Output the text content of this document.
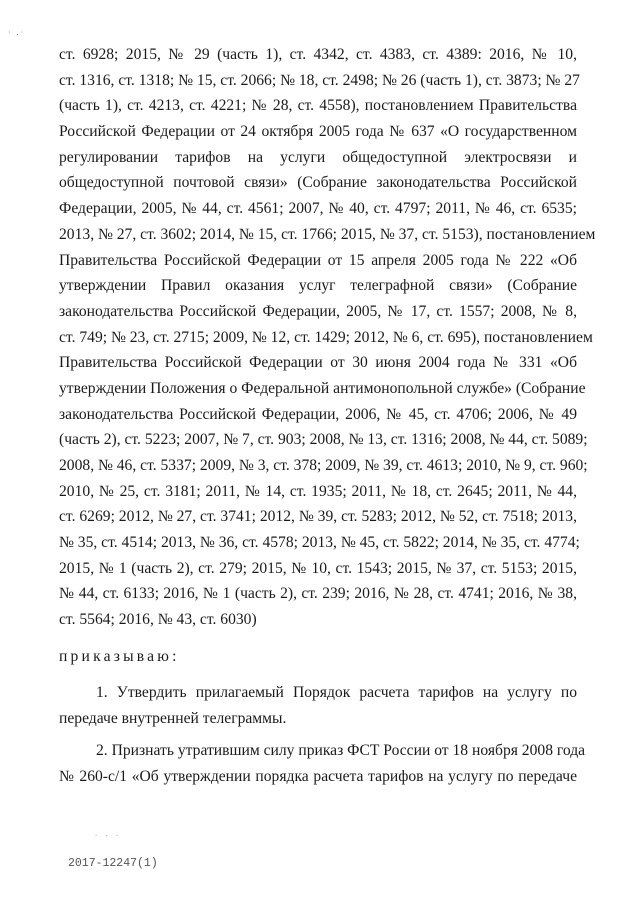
· .·
ст. 6928; 2015, № 29 (часть 1), ст. 4342, ст. 4383, ст. 4389: 2016, № 10,
ст. 1316, ст. 1318; № 15, ст. 2066; № 18, ст. 2498; № 26 (часть 1), ст. 3873; № 27
(часть 1), ст. 4213, ст. 4221; № 28, ст. 4558), постановлением Правительства
Российской Федерации от 24 октября 2005 года № 637 «О государственном
регулировании тарифов на услуги общедоступной электросвязи и
общедоступной почтовой связи» (Собрание законодательства Российской
Федерации, 2005, № 44, ст. 4561; 2007, № 40, ст. 4797; 2011, № 46, ст. 6535;
2013, № 27, ст. 3602; 2014, № 15, ст. 1766; 2015, № 37, ст. 5153), постановлением
Правительства Российской Федерации от 15 апреля 2005 года № 222 «Об
утверждении Правил оказания услуг телеграфной связи» (Собрание
законодательства Российской Федерации, 2005, № 17, ст. 1557; 2008, № 8,
ст. 749; № 23, ст. 2715; 2009, № 12, ст. 1429; 2012, № 6, ст. 695), постановлением
Правительства Российской Федерации от 30 июня 2004 года № 331 «Об
утверждении Положения о Федеральной антимонопольной службе» (Собрание
законодательства Российской Федерации, 2006, № 45, ст. 4706; 2006, № 49
(часть 2), ст. 5223; 2007, № 7, ст. 903; 2008, № 13, ст. 1316; 2008, № 44, ст. 5089;
2008, № 46, ст. 5337; 2009, № 3, ст. 378; 2009, № 39, ст. 4613; 2010, № 9, ст. 960;
2010, № 25, ст. 3181; 2011, № 14, ст. 1935; 2011, № 18, ст. 2645; 2011, № 44,
ст. 6269; 2012, № 27, ст. 3741; 2012, № 39, ст. 5283; 2012, № 52, ст. 7518; 2013,
№ 35, ст. 4514; 2013, № 36, ст. 4578; 2013, № 45, ст. 5822; 2014, № 35, ст. 4774;
2015, № 1 (часть 2), ст. 279; 2015, № 10, ст. 1543; 2015, № 37, ст. 5153; 2015,
№ 44, ст. 6133; 2016, № 1 (часть 2), ст. 239; 2016, № 28, ст. 4741; 2016, № 38,
ст. 5564; 2016, № 43, ст. 6030)
приказываю:
1. Утвердить прилагаемый Порядок расчета тарифов на услугу по
передаче внутренней телеграммы.
2. Признать утратившим силу приказ ФСТ России от 18 ноября 2008 года
№ 260-с/1 «Об утверждении порядка расчета тарифов на услугу по передаче
. . .
2017-12247(1)
